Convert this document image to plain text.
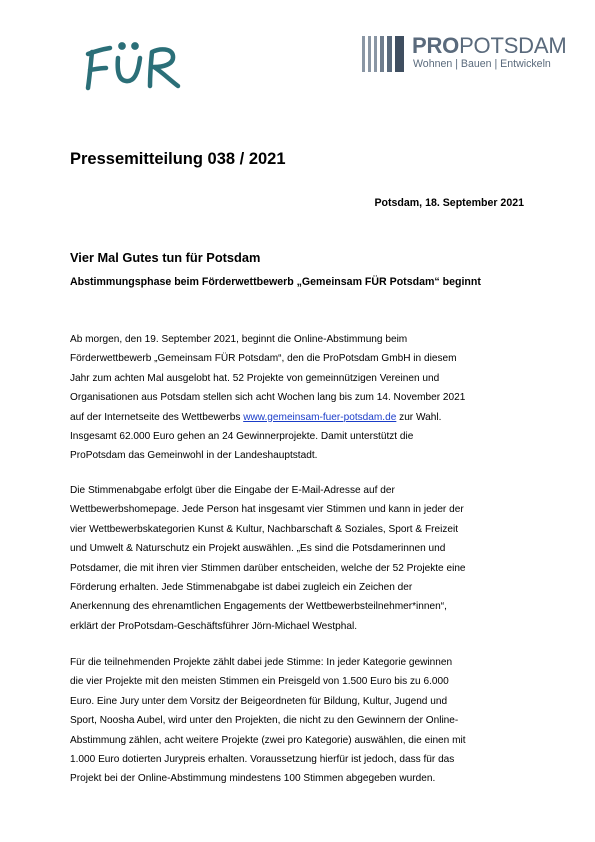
PROPOTSDAM
Wohnen | Bauen | Entwickeln
Pressemitteilung 038 / 2021
Potsdam, 18. September 2021
Vier Mal Gutes tun für Potsdam
Abstimmungsphase beim Förderwettbewerb „Gemeinsam FÜR Potsdam“ beginnt
Ab morgen, den 19. September 2021, beginnt die Online-Abstimmung beim
Förderwettbewerb „Gemeinsam FÜR Potsdam“, den die ProPotsdam GmbH in diesem
Jahr zum achten Mal ausgelobt hat. 52 Projekte von gemeinnützigen Vereinen und
Organisationen aus Potsdam stellen sich acht Wochen lang bis zum 14. November 2021
auf der Internetseite des Wettbewerbs www.gemeinsam-fuer-potsdam.de zur Wahl.
Insgesamt 62.000 Euro gehen an 24 Gewinnerprojekte. Damit unterstützt die
ProPotsdam das Gemeinwohl in der Landeshauptstadt.
Die Stimmenabgabe erfolgt über die Eingabe der E-Mail-Adresse auf der
Wettbewerbshomepage. Jede Person hat insgesamt vier Stimmen und kann in jeder der
vier Wettbewerbskategorien Kunst & Kultur, Nachbarschaft & Soziales, Sport & Freizeit
und Umwelt & Naturschutz ein Projekt auswählen. „Es sind die Potsdamerinnen und
Potsdamer, die mit ihren vier Stimmen darüber entscheiden, welche der 52 Projekte eine
Förderung erhalten. Jede Stimmenabgabe ist dabei zugleich ein Zeichen der
Anerkennung des ehrenamtlichen Engagements der Wettbewerbsteilnehmer*innen“,
erklärt der ProPotsdam-Geschäftsführer Jörn-Michael Westphal.
Für die teilnehmenden Projekte zählt dabei jede Stimme: In jeder Kategorie gewinnen
die vier Projekte mit den meisten Stimmen ein Preisgeld von 1.500 Euro bis zu 6.000
Euro. Eine Jury unter dem Vorsitz der Beigeordneten für Bildung, Kultur, Jugend und
Sport, Noosha Aubel, wird unter den Projekten, die nicht zu den Gewinnern der Online-
Abstimmung zählen, acht weitere Projekte (zwei pro Kategorie) auswählen, die einen mit
1.000 Euro dotierten Jurypreis erhalten. Voraussetzung hierfür ist jedoch, dass für das
Projekt bei der Online-Abstimmung mindestens 100 Stimmen abgegeben wurden.
